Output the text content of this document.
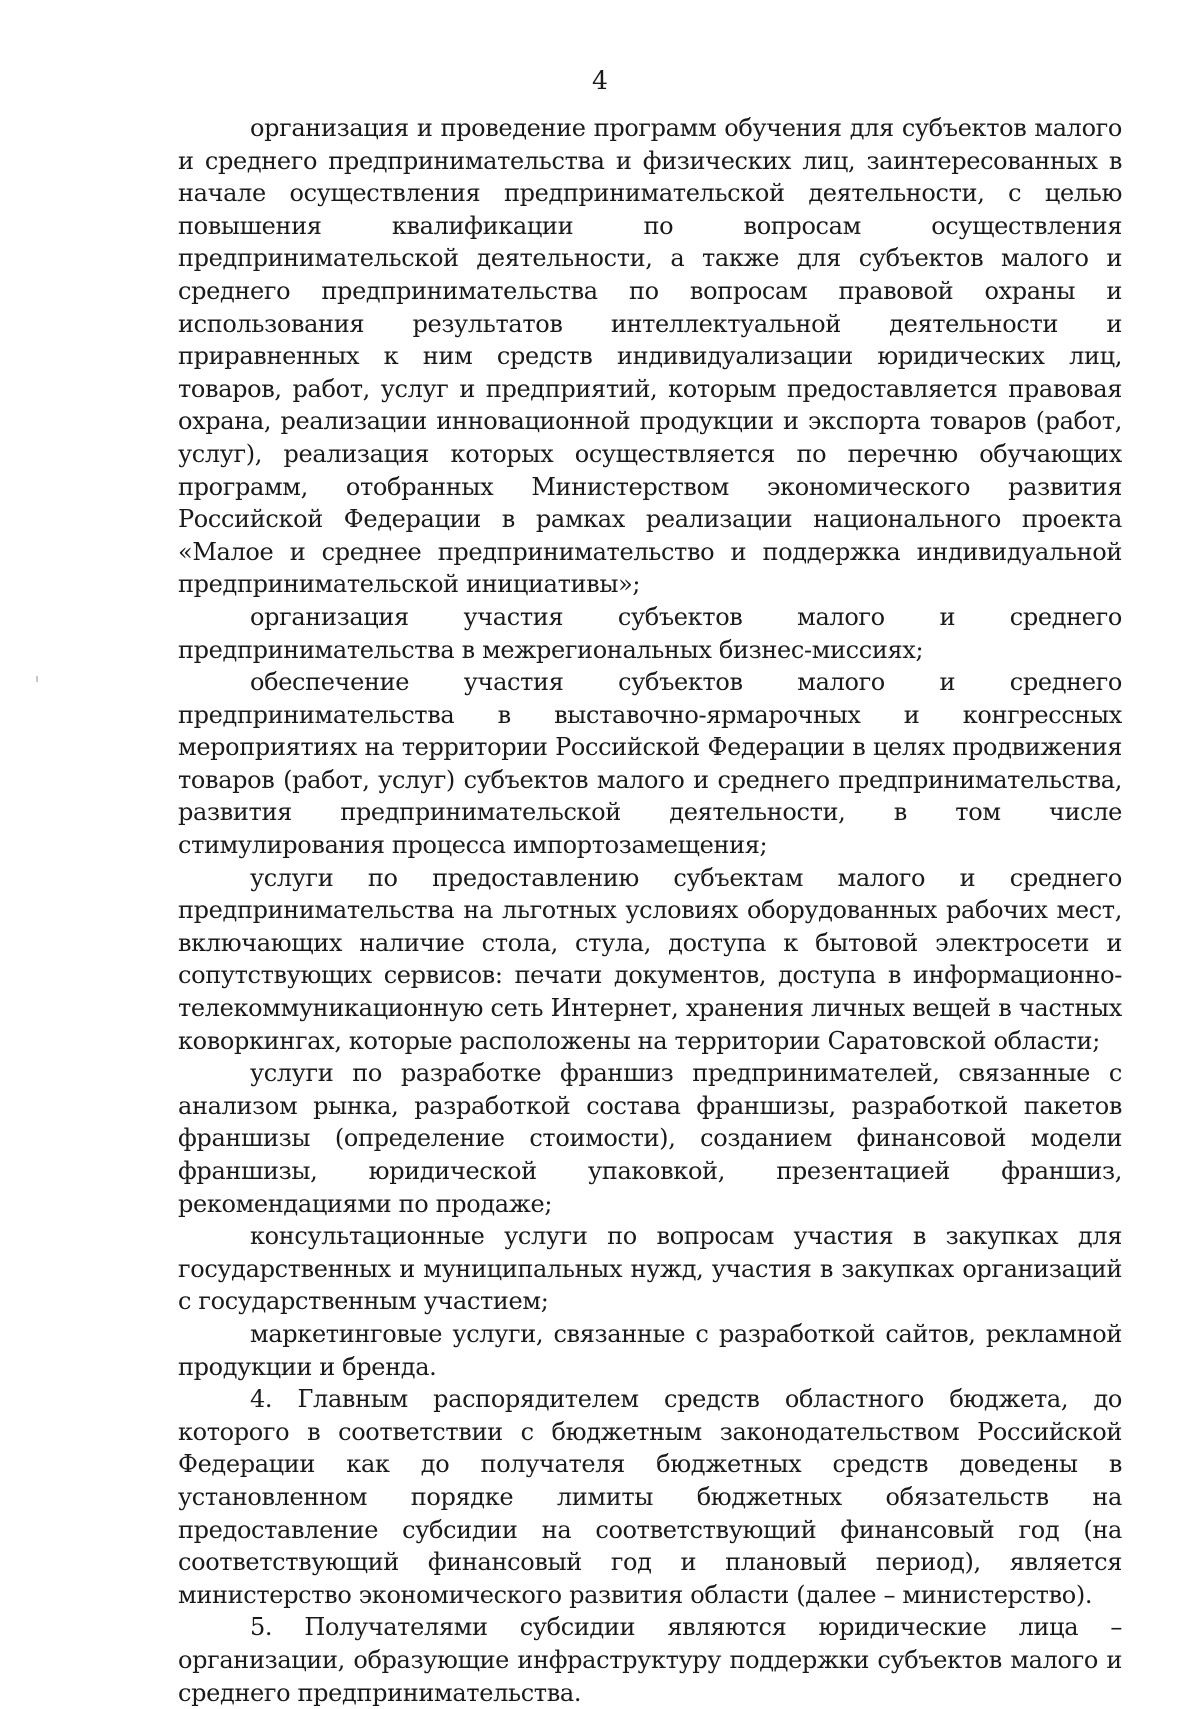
4

организация и проведение программ обучения для субъектов малого и среднего предпринимательства и физических лиц, заинтересованных в начале осуществления предпринимательской деятельности, с целью повышения квалификации по вопросам осуществления предпринимательской деятельности, а также для субъектов малого и среднего предпринимательства по вопросам правовой охраны и использования результатов интеллектуальной деятельности и приравненных к ним средств индивидуализации юридических лиц, товаров, работ, услуг и предприятий, которым предоставляется правовая охрана, реализации инновационной продукции и экспорта товаров (работ, услуг), реализация которых осуществляется по перечню обучающих программ, отобранных Министерством экономического развития Российской Федерации в рамках реализации национального проекта «Малое и среднее предпринимательство и поддержка индивидуальной предпринимательской инициативы»;

организация участия субъектов малого и среднего предпринимательства в межрегиональных бизнес-миссиях;

обеспечение участия субъектов малого и среднего предпринимательства в выставочно-ярмарочных и конгрессных мероприятиях на территории Российской Федерации в целях продвижения товаров (работ, услуг) субъектов малого и среднего предпринимательства, развития предпринимательской деятельности, в том числе стимулирования процесса импортозамещения;

услуги по предоставлению субъектам малого и среднего предпринимательства на льготных условиях оборудованных рабочих мест, включающих наличие стола, стула, доступа к бытовой электросети и сопутствующих сервисов: печати документов, доступа в информационно-телекоммуникационную сеть Интернет, хранения личных вещей в частных коворкингах, которые расположены на территории Саратовской области;

услуги по разработке франшиз предпринимателей, связанные с анализом рынка, разработкой состава франшизы, разработкой пакетов франшизы (определение стоимости), созданием финансовой модели франшизы, юридической упаковкой, презентацией франшиз, рекомендациями по продаже;

консультационные услуги по вопросам участия в закупках для государственных и муниципальных нужд, участия в закупках организаций с государственным участием;

маркетинговые услуги, связанные с разработкой сайтов, рекламной продукции и бренда.

4. Главным распорядителем средств областного бюджета, до которого в соответствии с бюджетным законодательством Российской Федерации как до получателя бюджетных средств доведены в установленном порядке лимиты бюджетных обязательств на предоставление субсидии на соответствующий финансовый год (на соответствующий финансовый год и плановый период), является министерство экономического развития области (далее – министерство).

5. Получателями субсидии являются юридические лица – организации, образующие инфраструктуру поддержки субъектов малого и среднего предпринимательства.
